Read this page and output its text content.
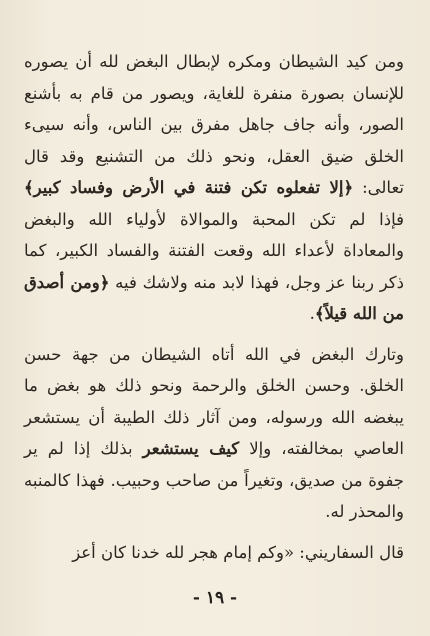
ومن كيد الشيطان ومكره لإبطال البغض لله أن يصوره للإنسان بصورة منفرة للغاية، ويصور من قام به بأشنع الصور، وأنه جاف جاهل مفرق بين الناس، وأنه سيىء الخلق ضيق العقل، ونحو ذلك من التشنيع وقد قال تعالى: ﴿إلا تفعلوه تكن فتنة في الأرض وفساد كبير﴾ فإذا لم تكن المحبة والموالاة لأولياء الله والبغض والمعاداة لأعداء الله وقعت الفتنة والفساد الكبير، كما ذكر ربنا عز وجل، فهذا لابد منه ولاشك فيه ﴿ومن أصدق من الله قيلاً﴾.

وتارك البغض في الله أتاه الشيطان من جهة حسن الخلق. وحسن الخلق والرحمة ونحو ذلك هو بغض ما يبغضه الله ورسوله، ومن آثار ذلك الطيبة أن يستشعر العاصي بمخالفته، وإلا كيف يستشعر بذلك إذا لم ير جفوة من صديق، وتغيراً من صاحب وحبيب. فهذا كالمنبه والمحذر له.

قال السفاريني: «وكم إمام هجر لله خدنا كان أعز

- ١٩ -
